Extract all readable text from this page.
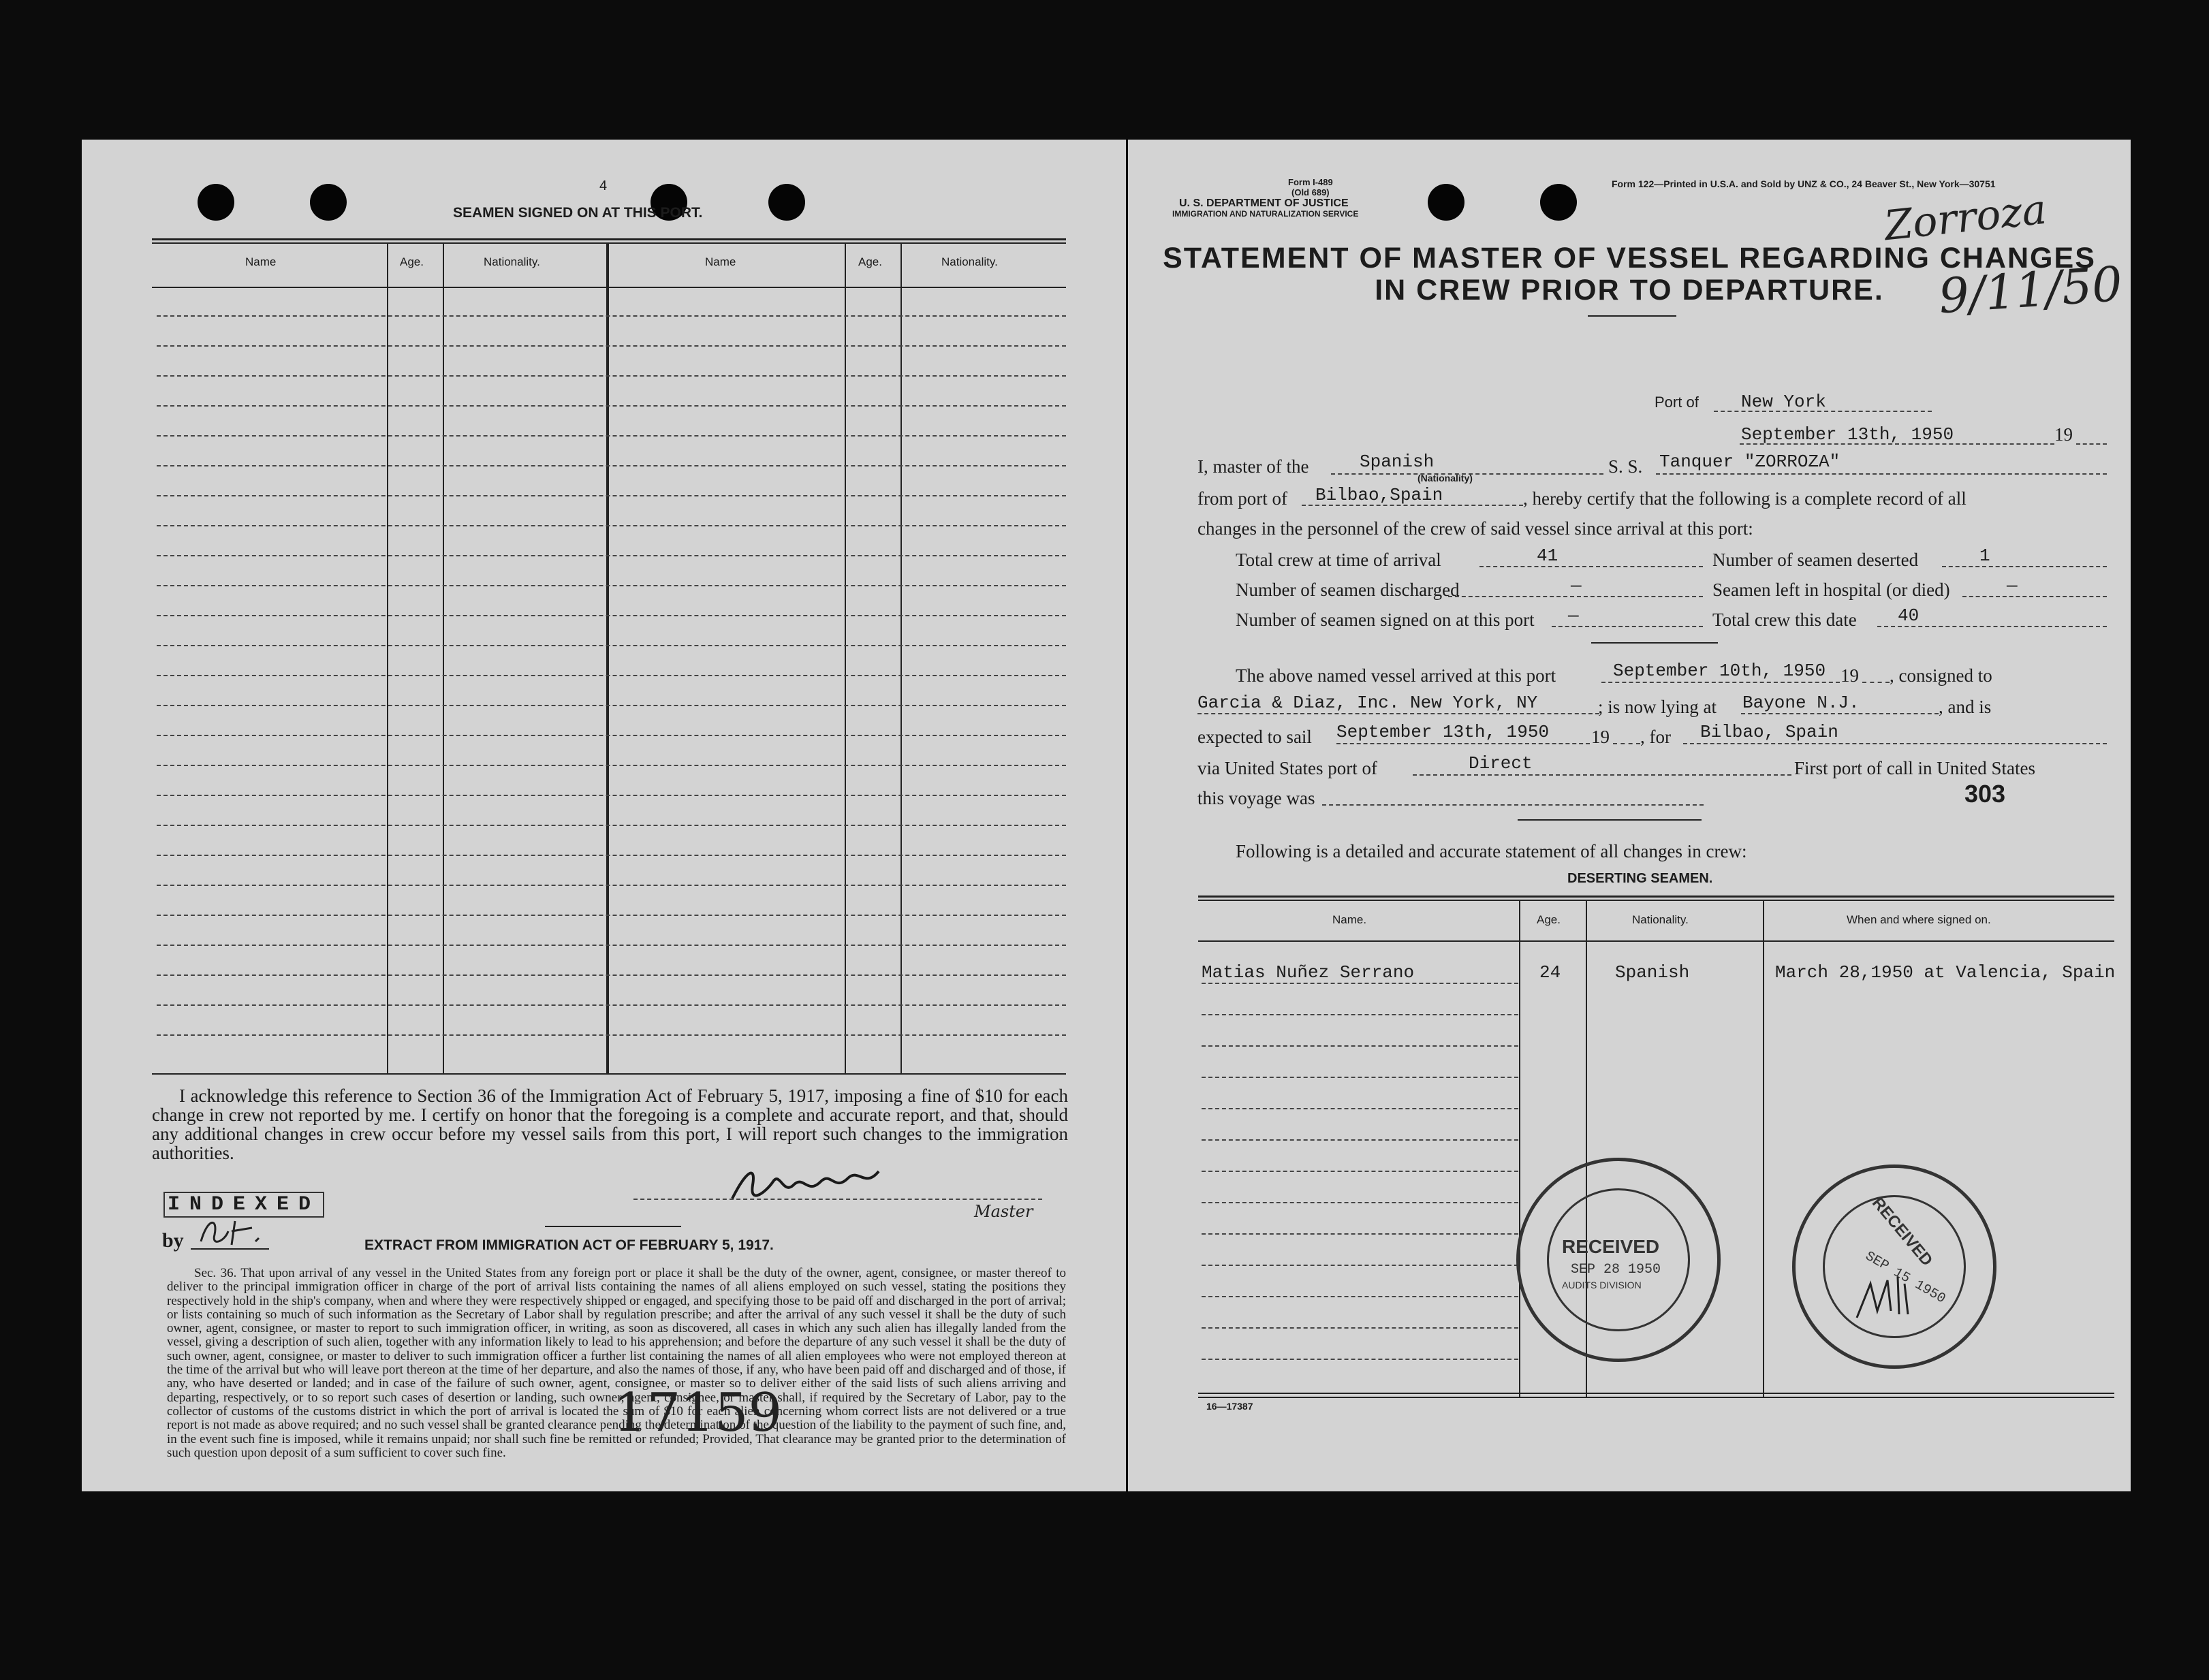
4
SEAMEN SIGNED ON AT THIS PORT.
Name	Age.	Nationality.	Name	Age.	Nationality.
I acknowledge this reference to Section 36 of the Immigration Act of February 5, 1917, imposing a fine of $10 for each change in crew not reported by me. I certify on honor that the foregoing is a complete and accurate report, and that, should any additional changes in crew occur before my vessel sails from this port, I will report such changes to the immigration authorities.
INDEXED
by
Master
EXTRACT FROM IMMIGRATION ACT OF FEBRUARY 5, 1917.
Sec. 36. That upon arrival of any vessel in the United States from any foreign port or place it shall be the duty of the owner, agent, consignee, or master thereof to deliver to the principal immigration officer in charge of the port of arrival lists containing the names of all aliens employed on such vessel, stating the positions they respectively hold in the ship's company, when and where they were respectively shipped or engaged, and specifying those to be paid off and discharged in the port of arrival; or lists containing so much of such information as the Secretary of Labor shall by regulation prescribe; and after the arrival of any such vessel it shall be the duty of such owner, agent, consignee, or master to report to such immigration officer, in writing, as soon as discovered, all cases in which any such alien has illegally landed from the vessel, giving a description of such alien, together with any information likely to lead to his apprehension; and before the departure of any such vessel it shall be the duty of such owner, agent, consignee, or master to deliver to such immigration officer a further list containing the names of all alien employees who were not employed thereon at the time of the arrival but who will leave port thereon at the time of her departure, and also the names of those, if any, who have been paid off and discharged and of those, if any, who have deserted or landed; and in case of the failure of such owner, agent, consignee, or master so to deliver either of the said lists of such aliens arriving and departing, respectively, or to so report such cases of desertion or landing, such owner, agent, consignee, or master shall, if required by the Secretary of Labor, pay to the collector of customs of the customs district in which the port of arrival is located the sum of $10 for each alien concerning whom correct lists are not delivered or a true report is not made as above required; and no such vessel shall be granted clearance pending the determination of the question of the liability to the payment of such fine, and, in the event such fine is imposed, while it remains unpaid; nor shall such fine be remitted or refunded; Provided, That clearance may be granted prior to the determination of such question upon deposit of a sum sufficient to cover such fine.
17159
Form I-489
(Old 689)
U. S. DEPARTMENT OF JUSTICE
IMMIGRATION AND NATURALIZATION SERVICE
Form 122—Printed in U.S.A. and Sold by UNZ & CO., 24 Beaver St., New York—30751
STATEMENT OF MASTER OF VESSEL REGARDING CHANGES
IN CREW PRIOR TO DEPARTURE.
Zorroza
9/11/50
Port of New York
September 13th, 1950	19
I, master of the	Spanish
(Nationality)
S. S. Tanquer "ZORROZA"
from port of Bilbao,Spain	, hereby certify that the following is a complete record of all
changes in the personnel of the crew of said vessel since arrival at this port:
Total crew at time of arrival	41
Number of seamen discharged	—
Number of seamen signed on at this port —
Number of seamen deserted	1
Seamen left in hospital (or died)	—
Total crew this date 40
The above named vessel arrived at this port	September 10th, 1950 19 , consigned to
Garcia & Diaz, Inc. New York, NY	; is now lying at Bayone N.J.	, and is
expected to sail September 13th, 1950 19 , for Bilbao, Spain
via United States port of	Direct	First port of call in United States
this voyage was	303
Following is a detailed and accurate statement of all changes in crew:
DESERTING SEAMEN.
Name.	Age.	Nationality.	When and where signed on.
Matias Nuñez Serrano	24	Spanish	March 28,1950 at Valencia, Spain
RECEIVED
SEP 28 1950
AUDITS DIVISION
RECEIVED
SEP 15 1950
16—17387
